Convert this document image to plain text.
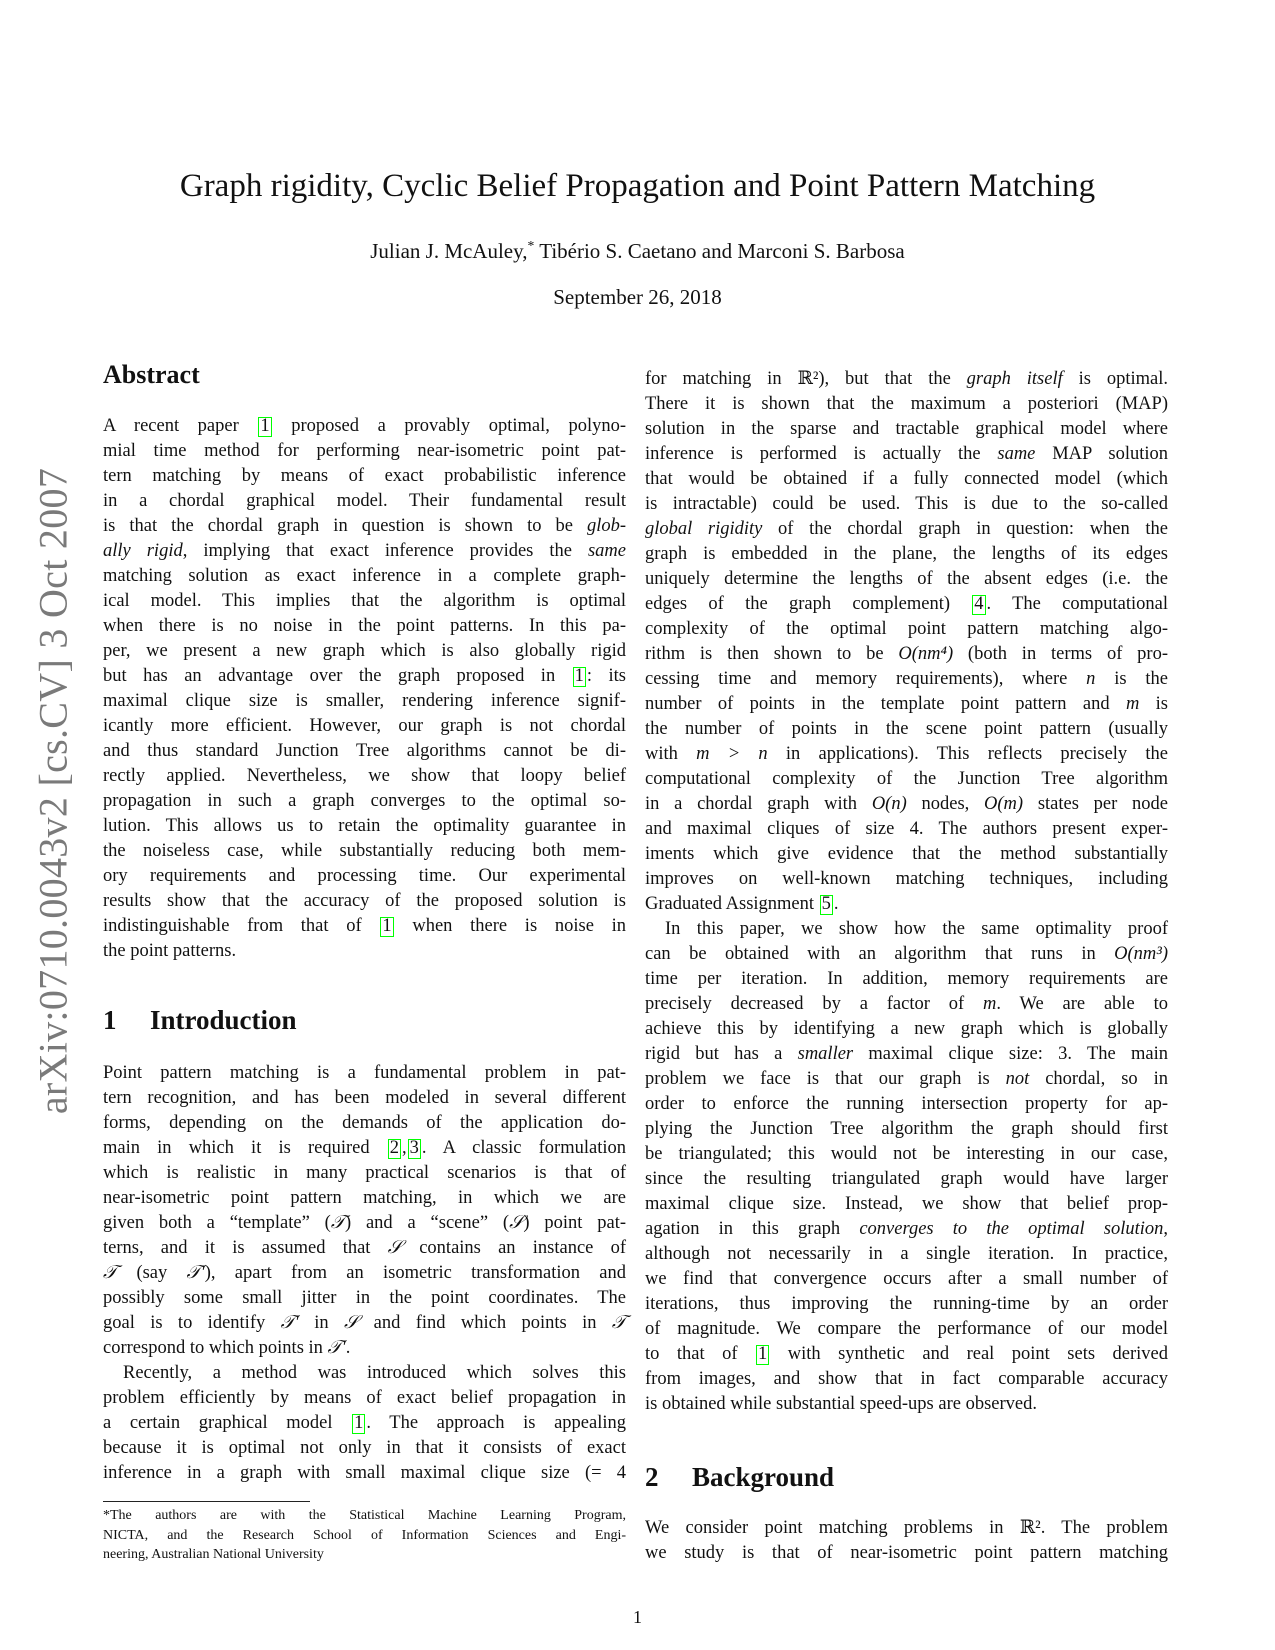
arXiv:0710.0043v2 [cs.CV] 3 Oct 2007
Graph rigidity, Cyclic Belief Propagation and Point Pattern Matching
Julian J. McAuley,* Tibério S. Caetano and Marconi S. Barbosa
September 26, 2018
Abstract
A recent paper 1 proposed a provably optimal, polyno-
mial time method for performing near-isometric point pat-
tern matching by means of exact probabilistic inference
in a chordal graphical model. Their fundamental result
is that the chordal graph in question is shown to be glob-
ally rigid, implying that exact inference provides the same
matching solution as exact inference in a complete graph-
ical model. This implies that the algorithm is optimal
when there is no noise in the point patterns. In this pa-
per, we present a new graph which is also globally rigid
but has an advantage over the graph proposed in 1 : its
maximal clique size is smaller, rendering inference signif-
icantly more efficient. However, our graph is not chordal
and thus standard Junction Tree algorithms cannot be di-
rectly applied. Nevertheless, we show that loopy belief
propagation in such a graph converges to the optimal so-
lution. This allows us to retain the optimality guarantee in
the noiseless case, while substantially reducing both mem-
ory requirements and processing time. Our experimental
results show that the accuracy of the proposed solution is
indistinguishable from that of 1 when there is noise in
the point patterns.
1 Introduction
Point pattern matching is a fundamental problem in pat-
tern recognition, and has been modeled in several different
forms, depending on the demands of the application do-
main in which it is required 2 , 3 . A classic formulation
which is realistic in many practical scenarios is that of
near-isometric point pattern matching, in which we are
given both a “template” (𝒯) and a “scene” (𝒮) point pat-
terns, and it is assumed that 𝒮 contains an instance of
𝒯 (say 𝒯′), apart from an isometric transformation and
possibly some small jitter in the point coordinates. The
goal is to identify 𝒯′ in 𝒮 and find which points in 𝒯
correspond to which points in 𝒯′.
Recently, a method was introduced which solves this
problem efficiently by means of exact belief propagation in
a certain graphical model 1 . The approach is appealing
because it is optimal not only in that it consists of exact
inference in a graph with small maximal clique size (= 4
for matching in ℝ²), but that the graph itself is optimal.
There it is shown that the maximum a posteriori (MAP)
solution in the sparse and tractable graphical model where
inference is performed is actually the same MAP solution
that would be obtained if a fully connected model (which
is intractable) could be used. This is due to the so-called
global rigidity of the chordal graph in question: when the
graph is embedded in the plane, the lengths of its edges
uniquely determine the lengths of the absent edges (i.e. the
edges of the graph complement) 4 . The computational
complexity of the optimal point pattern matching algo-
rithm is then shown to be O(nm⁴) (both in terms of pro-
cessing time and memory requirements), where n is the
number of points in the template point pattern and m is
the number of points in the scene point pattern (usually
with m > n in applications). This reflects precisely the
computational complexity of the Junction Tree algorithm
in a chordal graph with O(n) nodes, O(m) states per node
and maximal cliques of size 4. The authors present exper-
iments which give evidence that the method substantially
improves on well-known matching techniques, including
Graduated Assignment 5 .
In this paper, we show how the same optimality proof
can be obtained with an algorithm that runs in O(nm³)
time per iteration. In addition, memory requirements are
precisely decreased by a factor of m. We are able to
achieve this by identifying a new graph which is globally
rigid but has a smaller maximal clique size: 3. The main
problem we face is that our graph is not chordal, so in
order to enforce the running intersection property for ap-
plying the Junction Tree algorithm the graph should first
be triangulated; this would not be interesting in our case,
since the resulting triangulated graph would have larger
maximal clique size. Instead, we show that belief prop-
agation in this graph converges to the optimal solution,
although not necessarily in a single iteration. In practice,
we find that convergence occurs after a small number of
iterations, thus improving the running-time by an order
of magnitude. We compare the performance of our model
to that of 1 with synthetic and real point sets derived
from images, and show that in fact comparable accuracy
is obtained while substantial speed-ups are observed.
2 Background
We consider point matching problems in ℝ². The problem
we study is that of near-isometric point pattern matching
*The authors are with the Statistical Machine Learning Program,
NICTA, and the Research School of Information Sciences and Engi-
neering, Australian National University
1
